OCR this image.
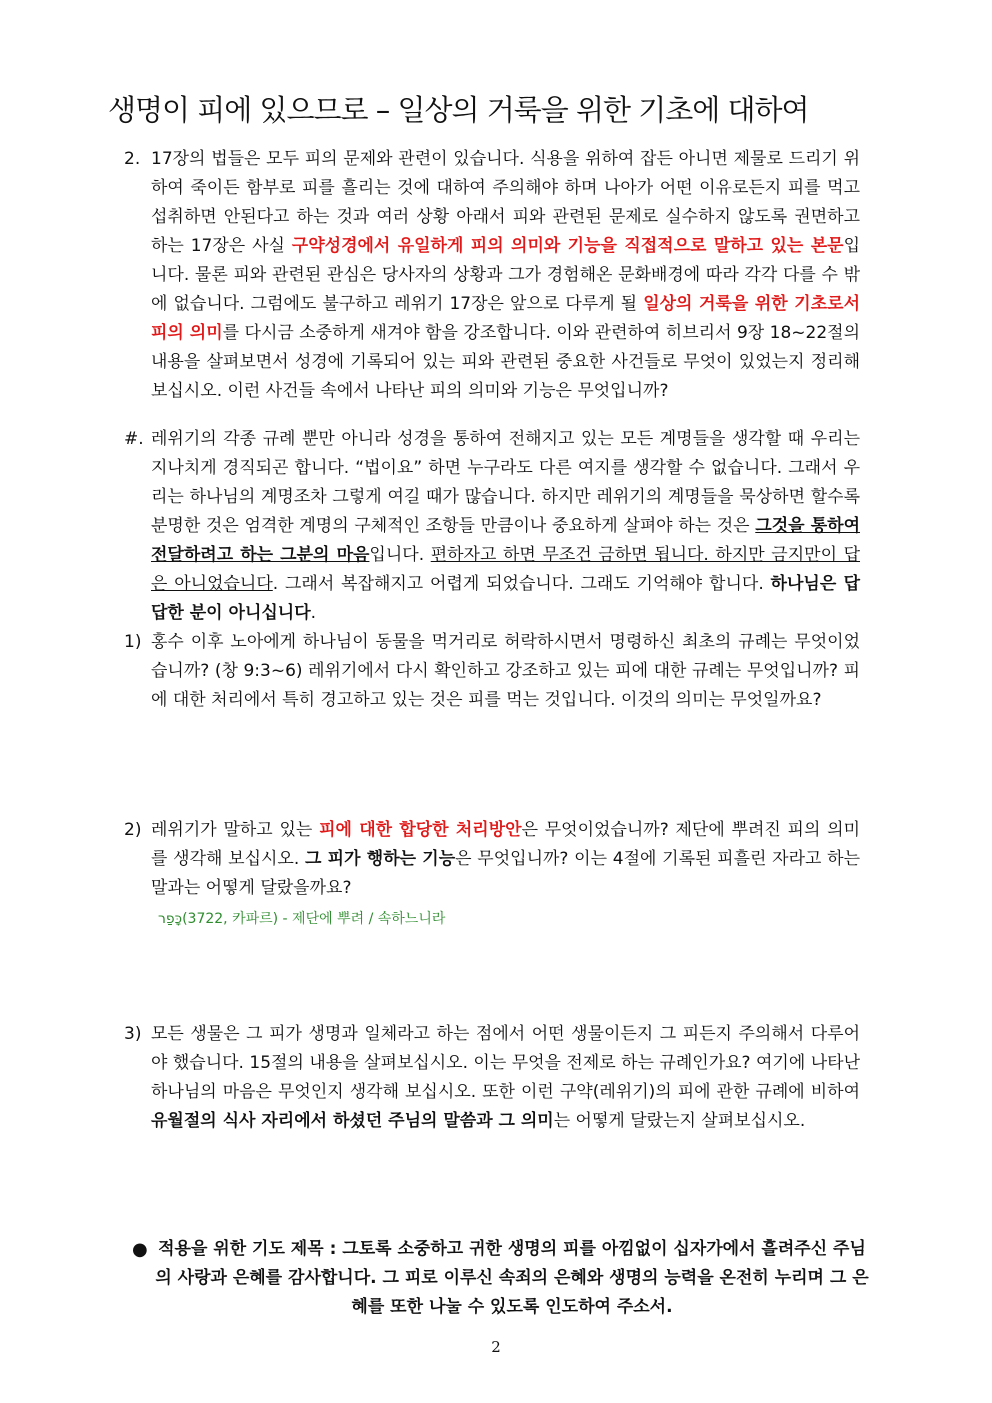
생명이 피에 있으므로 – 일상의 거룩을 위한 기초에 대하여
2. 17장의 법들은 모두 피의 문제와 관련이 있습니다. 식용을 위하여 잡든 아니면 제물로 드리기 위하여 죽이든 함부로 피를 흘리는 것에 대하여 주의해야 하며 나아가 어떤 이유로든지 피를 먹고 섭취하면 안된다고 하는 것과 여러 상황 아래서 피와 관련된 문제로 실수하지 않도록 권면하고 하는 17장은 사실 구약성경에서 유일하게 피의 의미와 기능을 직접적으로 말하고 있는 본문입니다. 물론 피와 관련된 관심은 당사자의 상황과 그가 경험해온 문화배경에 따라 각각 다를 수 밖에 없습니다. 그럼에도 불구하고 레위기 17장은 앞으로 다루게 될 일상의 거룩을 위한 기초로서 피의 의미를 다시금 소중하게 새겨야 함을 강조합니다. 이와 관련하여 히브리서 9장 18~22절의 내용을 살펴보면서 성경에 기록되어 있는 피와 관련된 중요한 사건들로 무엇이 있었는지 정리해 보십시오. 이런 사건들 속에서 나타난 피의 의미와 기능은 무엇입니까?

#. 레위기의 각종 규례 뿐만 아니라 성경을 통하여 전해지고 있는 모든 계명들을 생각할 때 우리는 지나치게 경직되곤 합니다. “법이요” 하면 누구라도 다른 여지를 생각할 수 없습니다. 그래서 우리는 하나님의 계명조차 그렇게 여길 때가 많습니다. 하지만 레위기의 계명들을 묵상하면 할수록 분명한 것은 엄격한 계명의 구체적인 조항들 만큼이나 중요하게 살펴야 하는 것은 그것을 통하여 전달하려고 하는 그분의 마음입니다. 편하자고 하면 무조건 금하면 됩니다. 하지만 금지만이 답은 아니었습니다. 그래서 복잡해지고 어렵게 되었습니다. 그래도 기억해야 합니다. 하나님은 답답한 분이 아니십니다.

1) 홍수 이후 노아에게 하나님이 동물을 먹거리로 허락하시면서 명령하신 최초의 규례는 무엇이었습니까? (창 9:3~6) 레위기에서 다시 확인하고 강조하고 있는 피에 대한 규례는 무엇입니까? 피에 대한 처리에서 특히 경고하고 있는 것은 피를 먹는 것입니다. 이것의 의미는 무엇일까요?

2) 레위기가 말하고 있는 피에 대한 합당한 처리방안은 무엇이었습니까? 제단에 뿌려진 피의 의미를 생각해 보십시오. 그 피가 행하는 기능은 무엇입니까? 이는 4절에 기록된 피흘린 자라고 하는 말과는 어떻게 달랐을까요?

כָּפַר(3722, 카파르) - 제단에 뿌려 / 속하느니라
3) 모든 생물은 그 피가 생명과 일체라고 하는 점에서 어떤 생물이든지 그 피든지 주의해서 다루어야 했습니다. 15절의 내용을 살펴보십시오. 이는 무엇을 전제로 하는 규례인가요? 여기에 나타난 하나님의 마음은 무엇인지 생각해 보십시오. 또한 이런 구약(레위기)의 피에 관한 규례에 비하여 유월절의 식사 자리에서 하셨던 주님의 말씀과 그 의미는 어떻게 달랐는지 살펴보십시오.

● 적용을 위한 기도 제목 : 그토록 소중하고 귀한 생명의 피를 아낌없이 십자가에서 흘려주신 주님의 사랑과 은혜를 감사합니다. 그 피로 이루신 속죄의 은혜와 생명의 능력을 온전히 누리며 그 은혜를 또한 나눌 수 있도록 인도하여 주소서.

2
